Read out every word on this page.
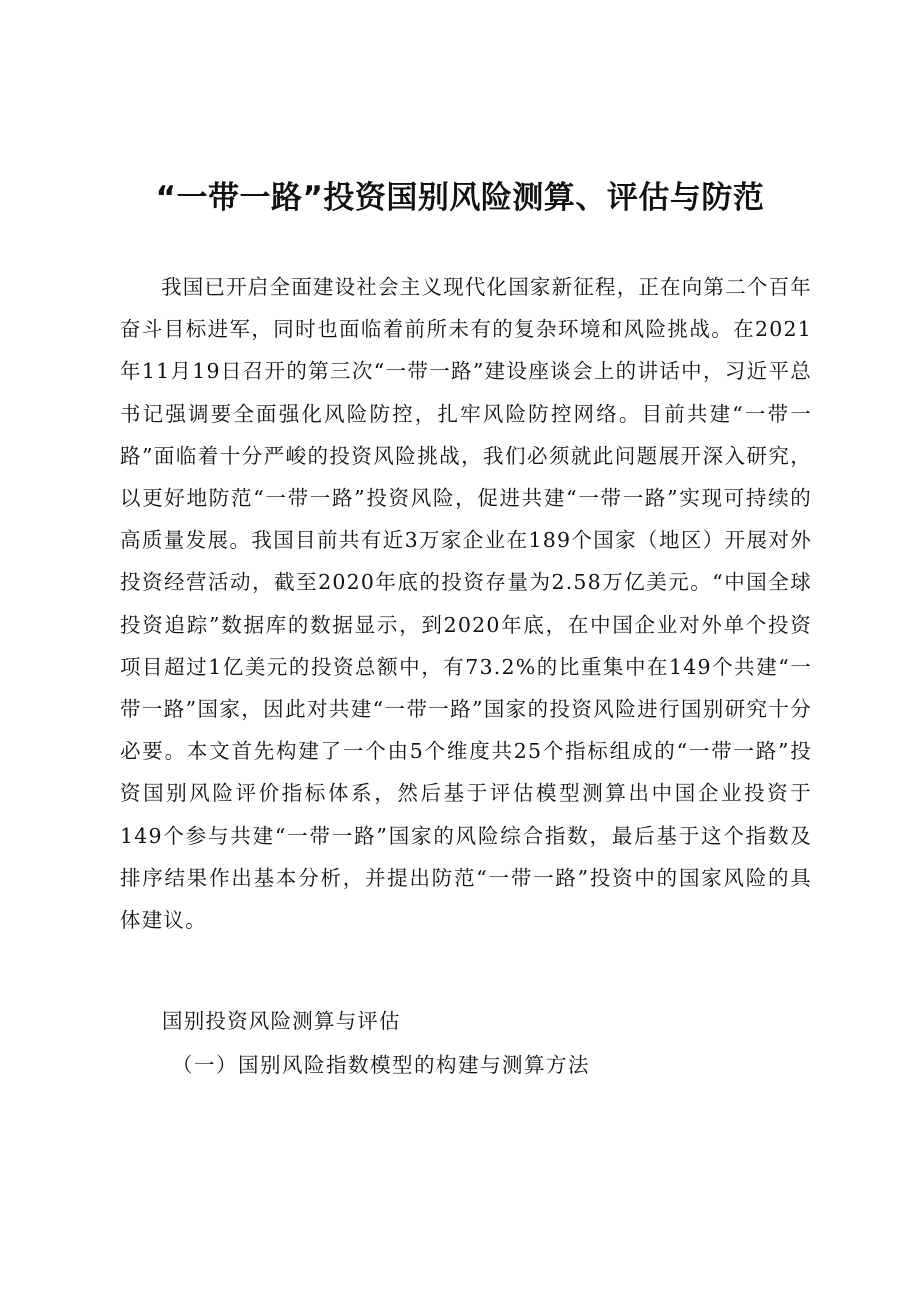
“一带一路”投资国别风险测算、评估与防范

我国已开启全面建设社会主义现代化国家新征程，正在向第二个百年奋斗目标进军，同时也面临着前所未有的复杂环境和风险挑战。在2021年11月19日召开的第三次“一带一路”建设座谈会上的讲话中，习近平总书记强调要全面强化风险防控，扎牢风险防控网络。目前共建“一带一路”面临着十分严峻的投资风险挑战，我们必须就此问题展开深入研究，以更好地防范“一带一路”投资风险，促进共建“一带一路”实现可持续的高质量发展。我国目前共有近3万家企业在189个国家（地区）开展对外投资经营活动，截至2020年底的投资存量为2.58万亿美元。“中国全球投资追踪”数据库的数据显示，到2020年底，在中国企业对外单个投资项目超过1亿美元的投资总额中，有73.2%的比重集中在149个共建“一带一路”国家，因此对共建“一带一路”国家的投资风险进行国别研究十分必要。本文首先构建了一个由5个维度共25个指标组成的“一带一路”投资国别风险评价指标体系，然后基于评估模型测算出中国企业投资于149个参与共建“一带一路”国家的风险综合指数，最后基于这个指数及排序结果作出基本分析，并提出防范“一带一路”投资中的国家风险的具体建议。

国别投资风险测算与评估

（一）国别风险指数模型的构建与测算方法
